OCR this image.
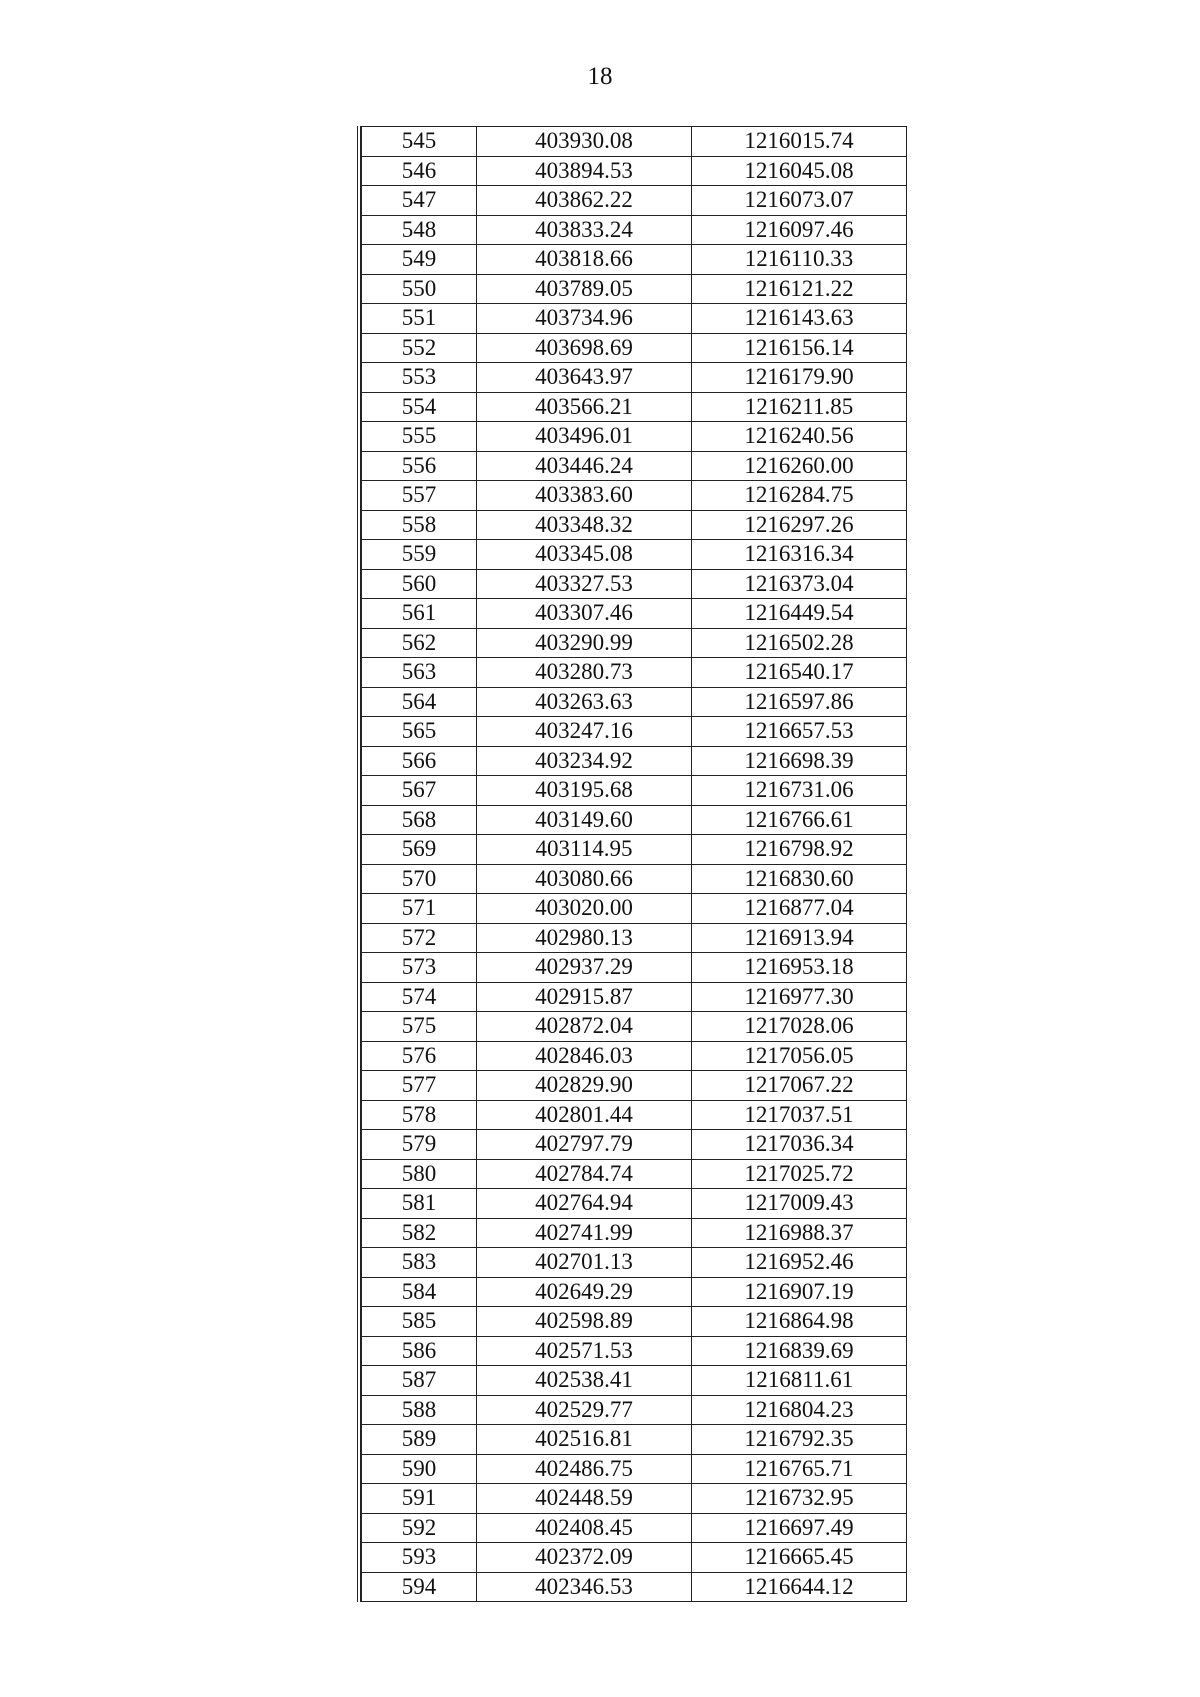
18
545	403930.08	1216015.74
546	403894.53	1216045.08
547	403862.22	1216073.07
548	403833.24	1216097.46
549	403818.66	1216110.33
550	403789.05	1216121.22
551	403734.96	1216143.63
552	403698.69	1216156.14
553	403643.97	1216179.90
554	403566.21	1216211.85
555	403496.01	1216240.56
556	403446.24	1216260.00
557	403383.60	1216284.75
558	403348.32	1216297.26
559	403345.08	1216316.34
560	403327.53	1216373.04
561	403307.46	1216449.54
562	403290.99	1216502.28
563	403280.73	1216540.17
564	403263.63	1216597.86
565	403247.16	1216657.53
566	403234.92	1216698.39
567	403195.68	1216731.06
568	403149.60	1216766.61
569	403114.95	1216798.92
570	403080.66	1216830.60
571	403020.00	1216877.04
572	402980.13	1216913.94
573	402937.29	1216953.18
574	402915.87	1216977.30
575	402872.04	1217028.06
576	402846.03	1217056.05
577	402829.90	1217067.22
578	402801.44	1217037.51
579	402797.79	1217036.34
580	402784.74	1217025.72
581	402764.94	1217009.43
582	402741.99	1216988.37
583	402701.13	1216952.46
584	402649.29	1216907.19
585	402598.89	1216864.98
586	402571.53	1216839.69
587	402538.41	1216811.61
588	402529.77	1216804.23
589	402516.81	1216792.35
590	402486.75	1216765.71
591	402448.59	1216732.95
592	402408.45	1216697.49
593	402372.09	1216665.45
594	402346.53	1216644.12
